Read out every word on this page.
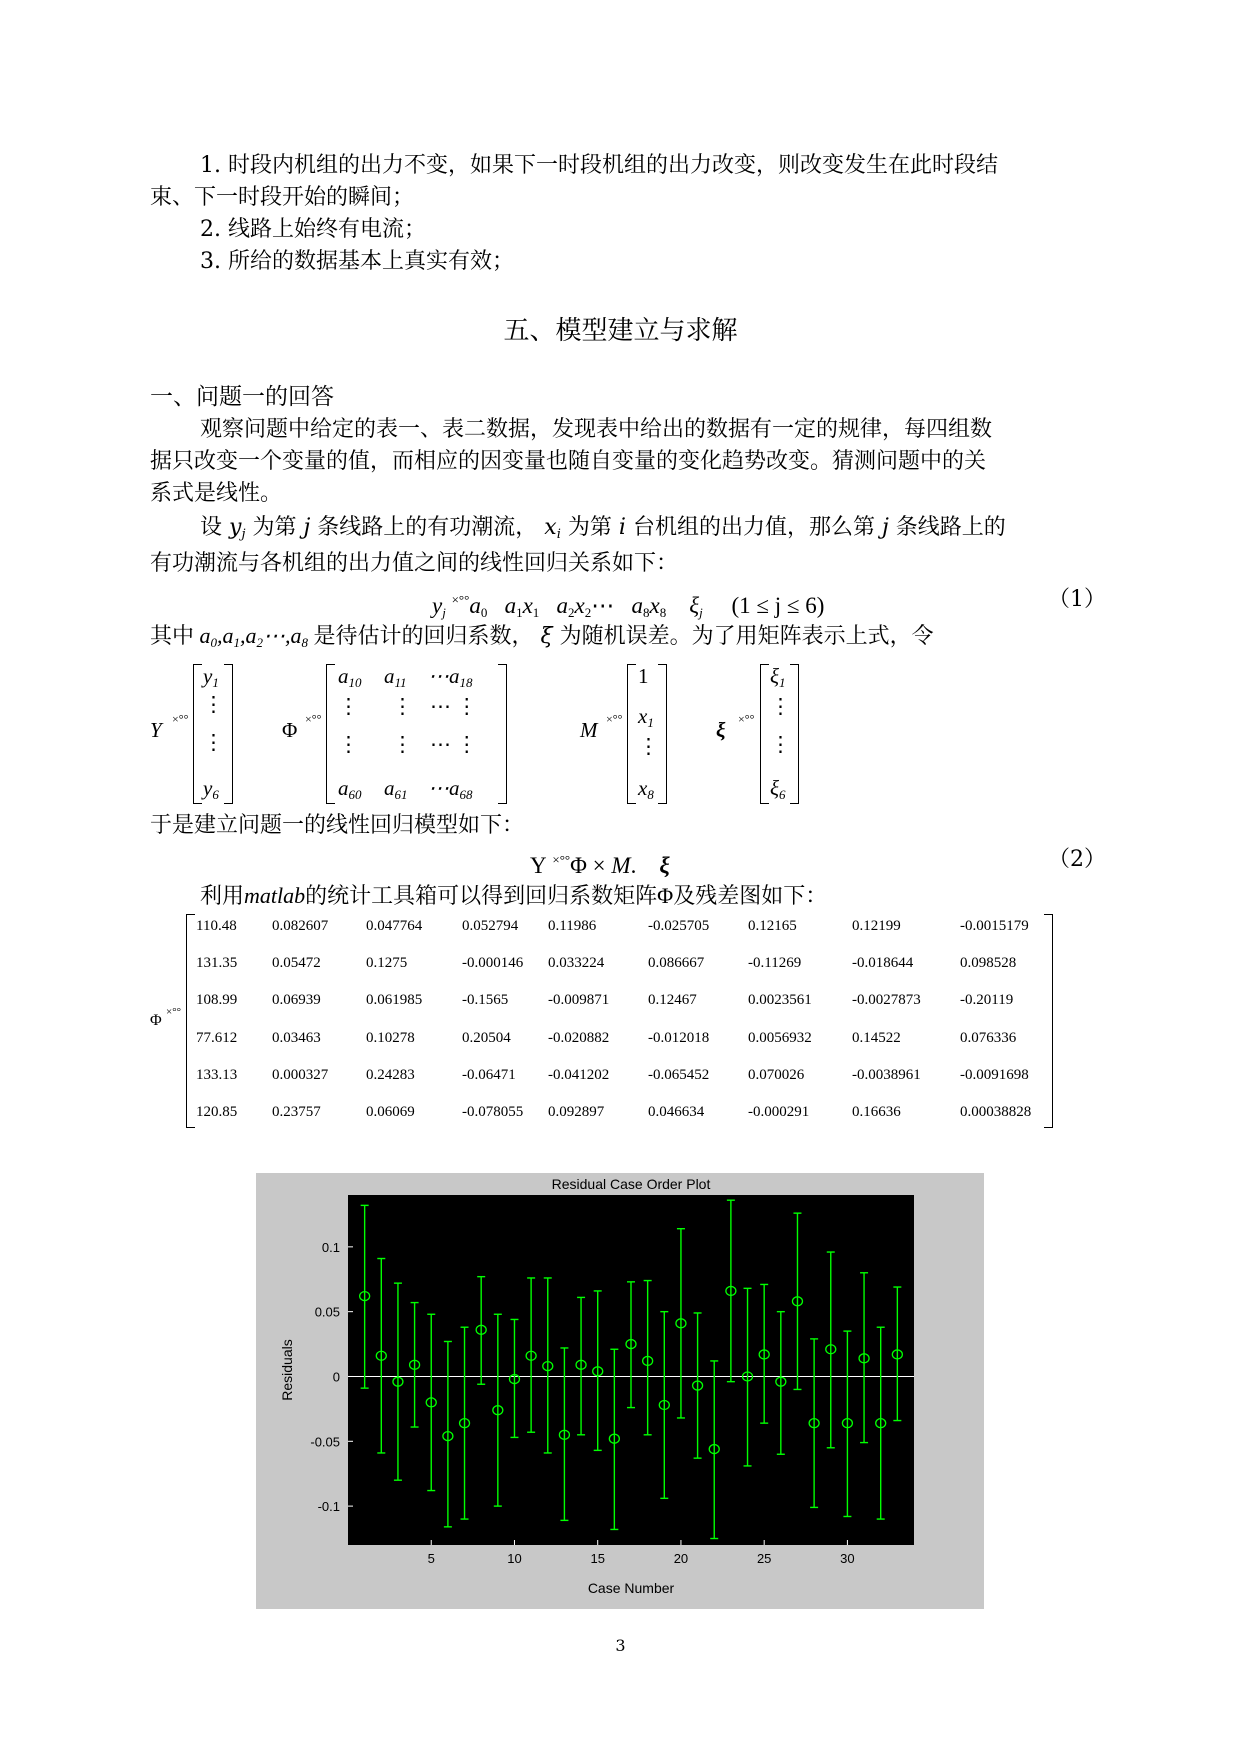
1. 时段内机组的出力不变，如果下一时段机组的出力改变，则改变发生在此时段结
束、下一时段开始的瞬间；
2. 线路上始终有电流；
3. 所给的数据基本上真实有效；
五、模型建立与求解
一、问题一的回答
观察问题中给定的表一、表二数据，发现表中给出的数据有一定的规律，每四组数
据只改变一个变量的值，而相应的因变量也随自变量的变化趋势改变。猜测问题中的关
系式是线性。
设 $y_j$ 为第 j 条线路上的有功潮流， $x_i$ 为第 i 台机组的出力值，那么第 j 条线路上的
有功潮流与各机组的出力值之间的线性回归关系如下：
$y_j$ $^{\times^\circ^\circ}a_0$ $a_1x_1$ $a_2x_2\cdots$   $a_8x_8$ $\xi_j$ (1 ≤ j ≤ 6)	（1）
其中 $a_0,a_1,a_2\cdots,a_8$ 是待估计的回归系数， ξ 为随机误差。为了用矩阵表示上式，令
Y ×°°
$y_1$
⋮
⋮
$y_6$
Φ ×°°
$a_{10}$ $a_{11}$ $\cdots a_{18}$
⋮ ⋮ ⋯ ⋮
⋮ ⋮ ⋯ ⋮
$a_{60}$ $a_{61}$ $\cdots a_{68}$
M ×°°
1
$x_1$
⋮
$x_8$
ξ ×°°
$\xi_1$
⋮
⋮
$\xi_6$
于是建立问题一的线性回归模型如下：
Y ×°°Φ × M.    ξ	（2）
利用matlab的统计工具箱可以得到回归系数矩阵Φ及残差图如下：
Φ ×°°
110.48 0.082607	0.047764	0.052794 0.11986	-0.025705	0.12165	0.12199	-0.0015179
131.35 0.05472	0.1275	-0.000146 0.033224	0.086667	-0.11269	-0.018644	0.098528
108.99 0.06939	0.061985	-0.1565	-0.009871	0.12467	0.0023561	-0.0027873	-0.20119
77.612 0.03463	0.10278	0.20504 -0.020882	-0.012018	0.0056932	0.14522	0.076336
133.13 0.000327	0.24283	-0.06471 -0.041202	-0.065452	0.070026	-0.0038961	-0.0091698
120.85 0.23757	0.06069	-0.078055 0.092897	0.046634	-0.000291	0.16636	0.00038828
Residual Case Order Plot
Case Number
Residuals
5	10	15	20	25	30
0.1
0.05
0
-0.05
-0.1
3
